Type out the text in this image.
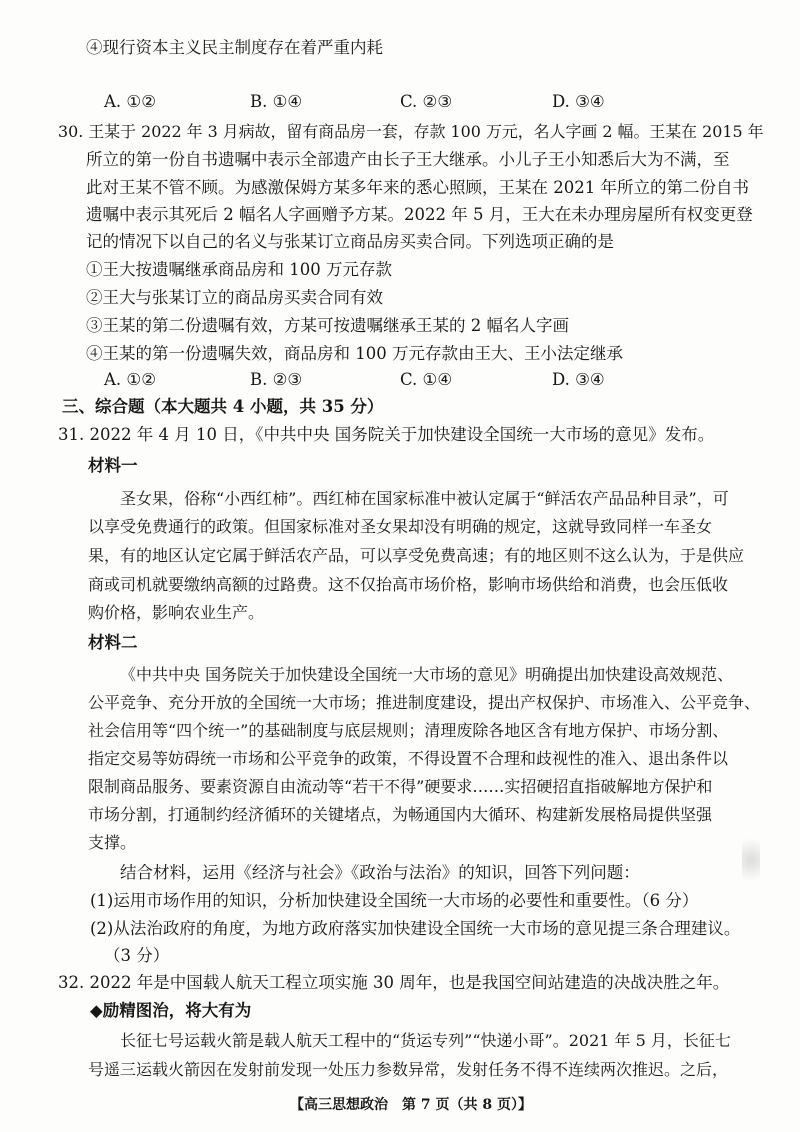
④现行资本主义民主制度存在着严重内耗
A. ①②	B. ①④	C. ②③	D. ③④
30. 王某于 2022 年 3 月病故，留有商品房一套，存款 100 万元，名人字画 2 幅。王某在 2015 年
所立的第一份自书遗嘱中表示全部遗产由长子王大继承。小儿子王小知悉后大为不满，至
此对王某不管不顾。为感激保姆方某多年来的悉心照顾，王某在 2021 年所立的第二份自书
遗嘱中表示其死后 2 幅名人字画赠予方某。2022 年 5 月，王大在未办理房屋所有权变更登
记的情况下以自己的名义与张某订立商品房买卖合同。下列选项正确的是
①王大按遗嘱继承商品房和 100 万元存款
②王大与张某订立的商品房买卖合同有效
③王某的第二份遗嘱有效，方某可按遗嘱继承王某的 2 幅名人字画
④王某的第一份遗嘱失效，商品房和 100 万元存款由王大、王小法定继承
A. ①②	B. ②③	C. ①④	D. ③④
三、综合题（本大题共 4 小题，共 35 分）
31. 2022 年 4 月 10 日，《中共中央 国务院关于加快建设全国统一大市场的意见》发布。
材料一
圣女果，俗称“小西红柿”。西红柿在国家标准中被认定属于“鲜活农产品品种目录”，可
以享受免费通行的政策。但国家标准对圣女果却没有明确的规定，这就导致同样一车圣女
果，有的地区认定它属于鲜活农产品，可以享受免费高速；有的地区则不这么认为，于是供应
商或司机就要缴纳高额的过路费。这不仅抬高市场价格，影响市场供给和消费，也会压低收
购价格，影响农业生产。
材料二
《中共中央 国务院关于加快建设全国统一大市场的意见》明确提出加快建设高效规范、
公平竞争、充分开放的全国统一大市场；推进制度建设，提出产权保护、市场准入、公平竞争、
社会信用等“四个统一”的基础制度与底层规则；清理废除各地区含有地方保护、市场分割、
指定交易等妨碍统一市场和公平竞争的政策，不得设置不合理和歧视性的准入、退出条件以
限制商品服务、要素资源自由流动等“若干不得”硬要求……实招硬招直指破解地方保护和
市场分割，打通制约经济循环的关键堵点，为畅通国内大循环、构建新发展格局提供坚强
支撑。
结合材料，运用《经济与社会》《政治与法治》的知识，回答下列问题：
(1)运用市场作用的知识，分析加快建设全国统一大市场的必要性和重要性。（6 分）
(2)从法治政府的角度，为地方政府落实加快建设全国统一大市场的意见提三条合理建议。
（3 分）
32. 2022 年是中国载人航天工程立项实施 30 周年，也是我国空间站建造的决战决胜之年。
◆励精图治，将大有为
长征七号运载火箭是载人航天工程中的“货运专列”“快递小哥”。2021 年 5 月，长征七
号遥三运载火箭因在发射前发现一处压力参数异常，发射任务不得不连续两次推迟。之后，
【高三思想政治　第 7 页（共 8 页）】
